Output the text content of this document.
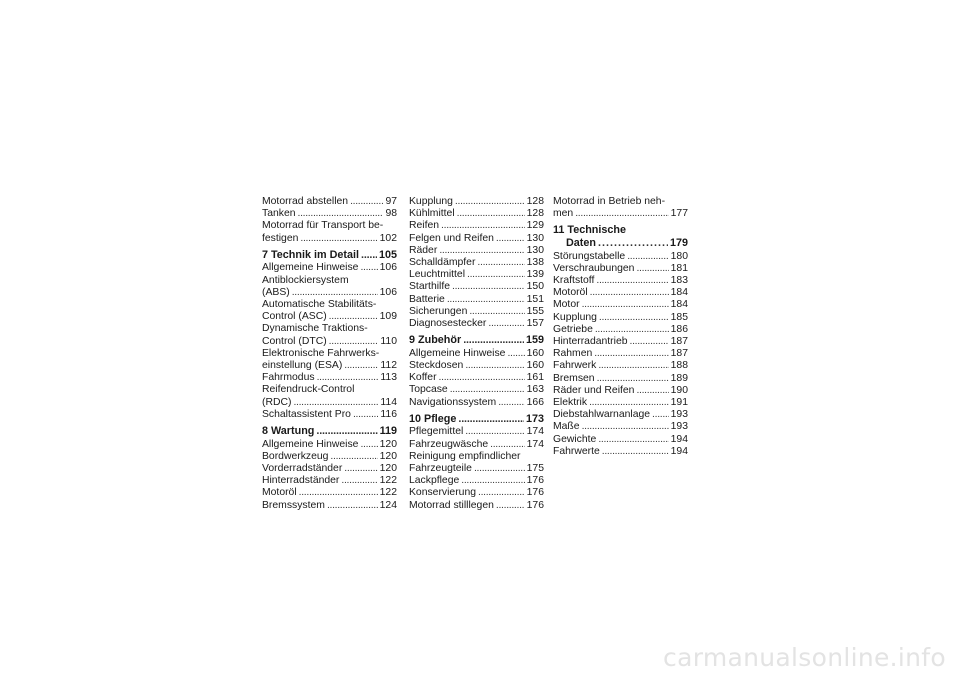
Motorrad abstellen . . .	97
Tanken . . .	98
Motorrad für Transport be-
festigen . . .	102
7 Technik im Detail . . . 105
Allgemeine Hinweise . . . 106
Antiblockiersystem
(ABS) . . .	106
Automatische Stabilitäts-
Control (ASC) . . .	109
Dynamische Traktions-
Control (DTC) . . .	110
Elektronische Fahrwerks-
einstellung (ESA) . . .	112
Fahrmodus . . .	113
Reifendruck-Control
(RDC) . . .	114
Schaltassistent Pro . . .	116
8 Wartung . . .	119
Allgemeine Hinweise . . . 120
Bordwerkzeug . . .	120
Vorderradständer . . .	120
Hinterradständer . . .	122
Motoröl . . .	122
Bremssystem . . .	124
Kupplung . . .	128
Kühlmittel . . .	128
Reifen . . .	129
Felgen und Reifen . . .	130
Räder . . .	130
Schalldämpfer . . .	138
Leuchtmittel . . .	139
Starthilfe . . .	150
Batterie . . .	151
Sicherungen . . .	155
Diagnosestecker . . .	157
9 Zubehör . . .	159
Allgemeine Hinweise . . . 160
Steckdosen . . .	160
Koffer . . .	161
Topcase . . .	163
Navigationssystem . . .	166
10 Pflege . . .	173
Pflegemittel . . .	174
Fahrzeugwäsche . . .	174
Reinigung empfindlicher
Fahrzeugteile . . .	175
Lackpflege . . .	176
Konservierung . . .	176
Motorrad stilllegen . . .	176
Motorrad in Betrieb neh-
men . . .	177
11 Technische
Daten . . .	179
Störungstabelle . . .	180
Verschraubungen . . .	181
Kraftstoff . . .	183
Motoröl . . .	184
Motor . . .	184
Kupplung . . .	185
Getriebe . . .	186
Hinterradantrieb . . .	187
Rahmen . . .	187
Fahrwerk . . .	188
Bremsen . . .	189
Räder und Reifen . . .	190
Elektrik . . .	191
Diebstahlwarnanlage . . . 193
Maße . . .	193
Gewichte . . .	194
Fahrwerte . . .	194
carmanualsonline.info
